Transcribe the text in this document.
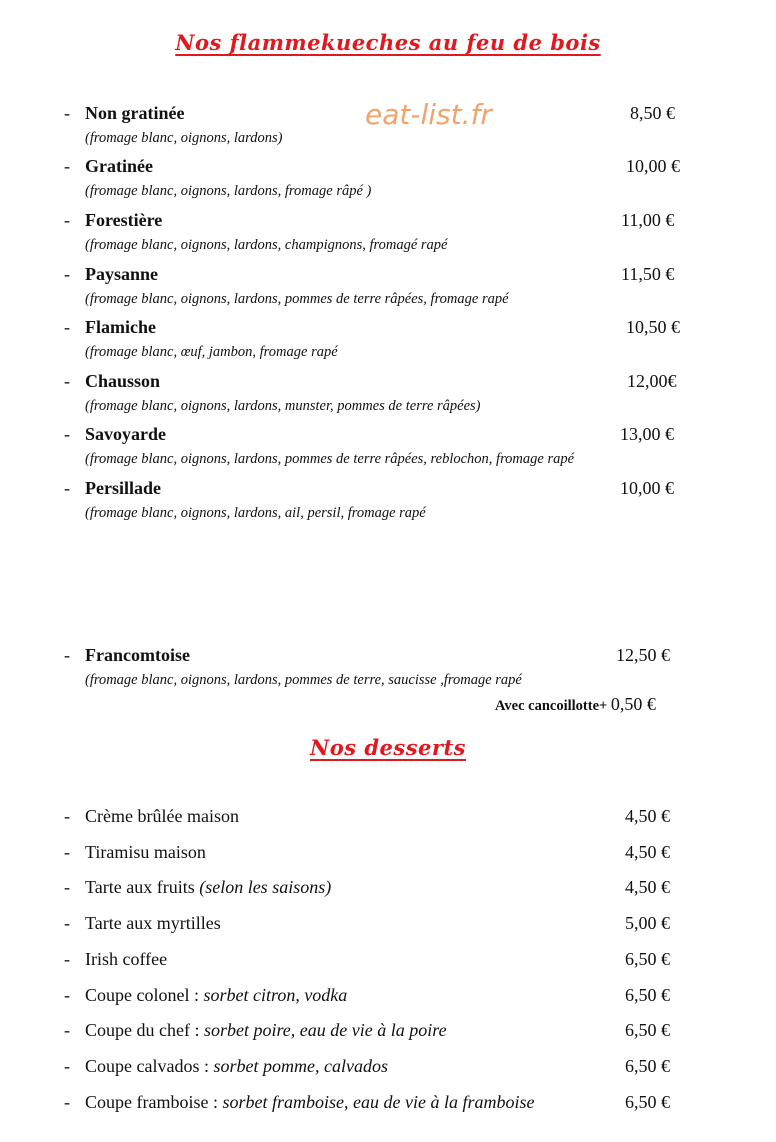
Nos flammekueches au feu de bois
eat-list.fr
- Non gratinée	8,50 €
(fromage blanc, oignons, lardons)
- Gratinée	10,00 €
(fromage blanc, oignons, lardons, fromage râpé )
- Forestière	11,00 €
(fromage blanc, oignons, lardons, champignons, fromagé rapé
- Paysanne	11,50 €
(fromage blanc, oignons, lardons, pommes de terre râpées, fromage rapé
- Flamiche	10,50 €
(fromage blanc, œuf, jambon, fromage rapé
- Chausson	12,00€
(fromage blanc, oignons, lardons, munster, pommes de terre râpées)
- Savoyarde	13,00 €
(fromage blanc, oignons, lardons, pommes de terre râpées, reblochon, fromage rapé
- Persillade	10,00 €
(fromage blanc, oignons, lardons, ail, persil, fromage rapé
- Francomtoise	12,50 €
(fromage blanc, oignons, lardons, pommes de terre, saucisse ,fromage rapé
Avec cancoillotte+ 0,50 €
Nos desserts
- Crème brûlée maison	4,50 €
- Tiramisu maison	4,50 €
- Tarte aux fruits (selon les saisons)	4,50 €
- Tarte aux myrtilles	5,00 €
- Irish coffee	6,50 €
- Coupe colonel : sorbet citron, vodka	6,50 €
- Coupe du chef : sorbet poire, eau de vie à la poire	6,50 €
- Coupe calvados : sorbet pomme, calvados	6,50 €
- Coupe framboise : sorbet framboise, eau de vie à la framboise	6,50 €
